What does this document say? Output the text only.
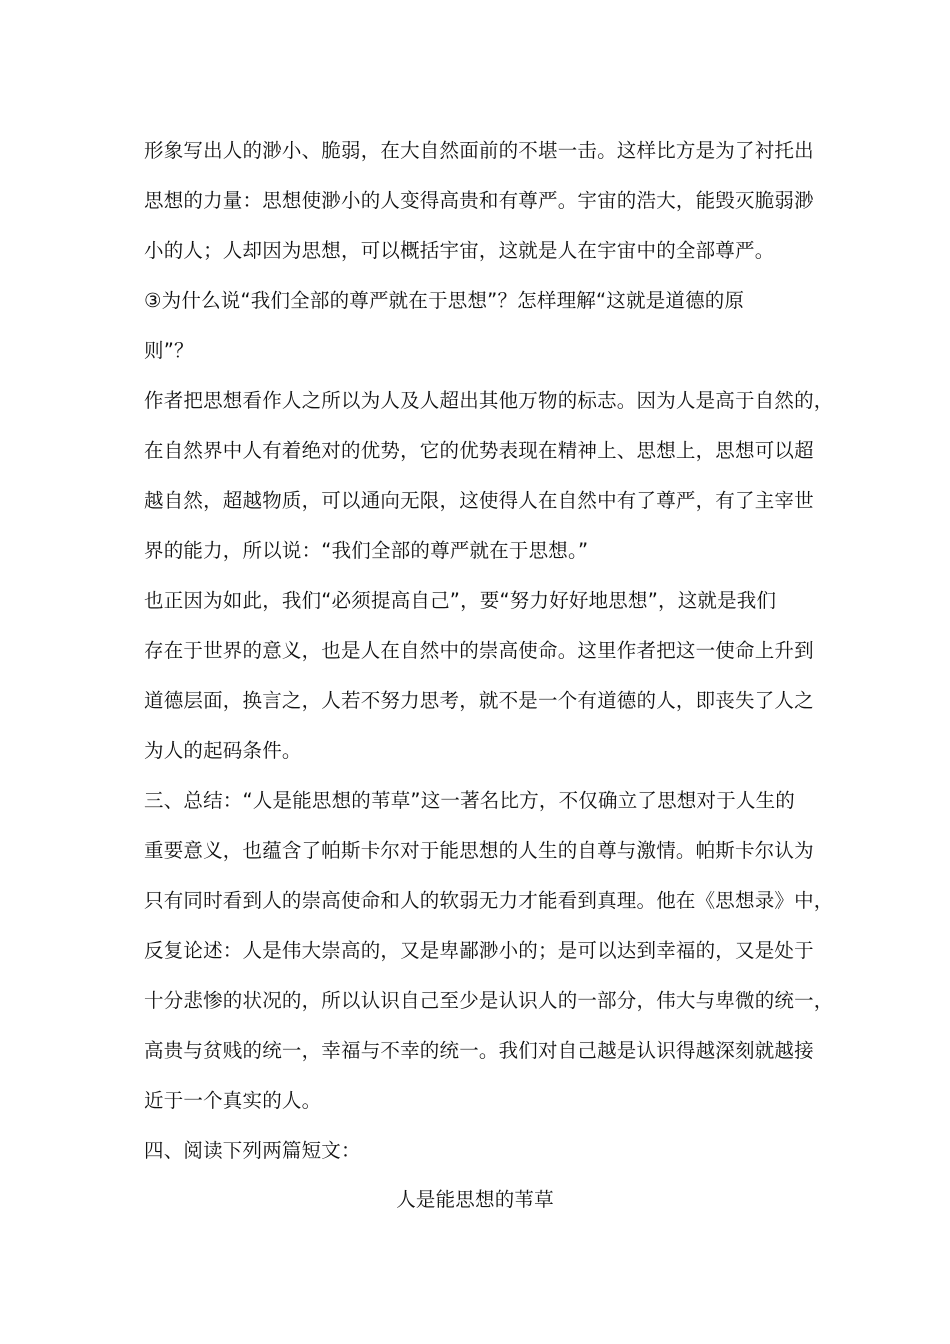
形象写出人的渺小、脆弱，在大自然面前的不堪一击。这样比方是为了衬托出
思想的力量：思想使渺小的人变得高贵和有尊严。宇宙的浩大，能毁灭脆弱渺
小的人；人却因为思想，可以概括宇宙，这就是人在宇宙中的全部尊严。
③为什么说“我们全部的尊严就在于思想”？怎样理解“这就是道德的原
则”？
作者把思想看作人之所以为人及人超出其他万物的标志。因为人是高于自然的，
在自然界中人有着绝对的优势，它的优势表现在精神上、思想上，思想可以超
越自然，超越物质，可以通向无限，这使得人在自然中有了尊严，有了主宰世
界的能力，所以说：“我们全部的尊严就在于思想。”
也正因为如此，我们“必须提高自己”，要“努力好好地思想”，这就是我们
存在于世界的意义，也是人在自然中的崇高使命。这里作者把这一使命上升到
道德层面，换言之，人若不努力思考，就不是一个有道德的人，即丧失了人之
为人的起码条件。
三、总结：“人是能思想的苇草”这一著名比方，不仅确立了思想对于人生的
重要意义，也蕴含了帕斯卡尔对于能思想的人生的自尊与激情。帕斯卡尔认为
只有同时看到人的崇高使命和人的软弱无力才能看到真理。他在《思想录》中，
反复论述：人是伟大崇高的，又是卑鄙渺小的；是可以达到幸福的，又是处于
十分悲惨的状况的，所以认识自己至少是认识人的一部分，伟大与卑微的统一，
高贵与贫贱的统一，幸福与不幸的统一。我们对自己越是认识得越深刻就越接
近于一个真实的人。
四、阅读下列两篇短文：
人是能思想的苇草
